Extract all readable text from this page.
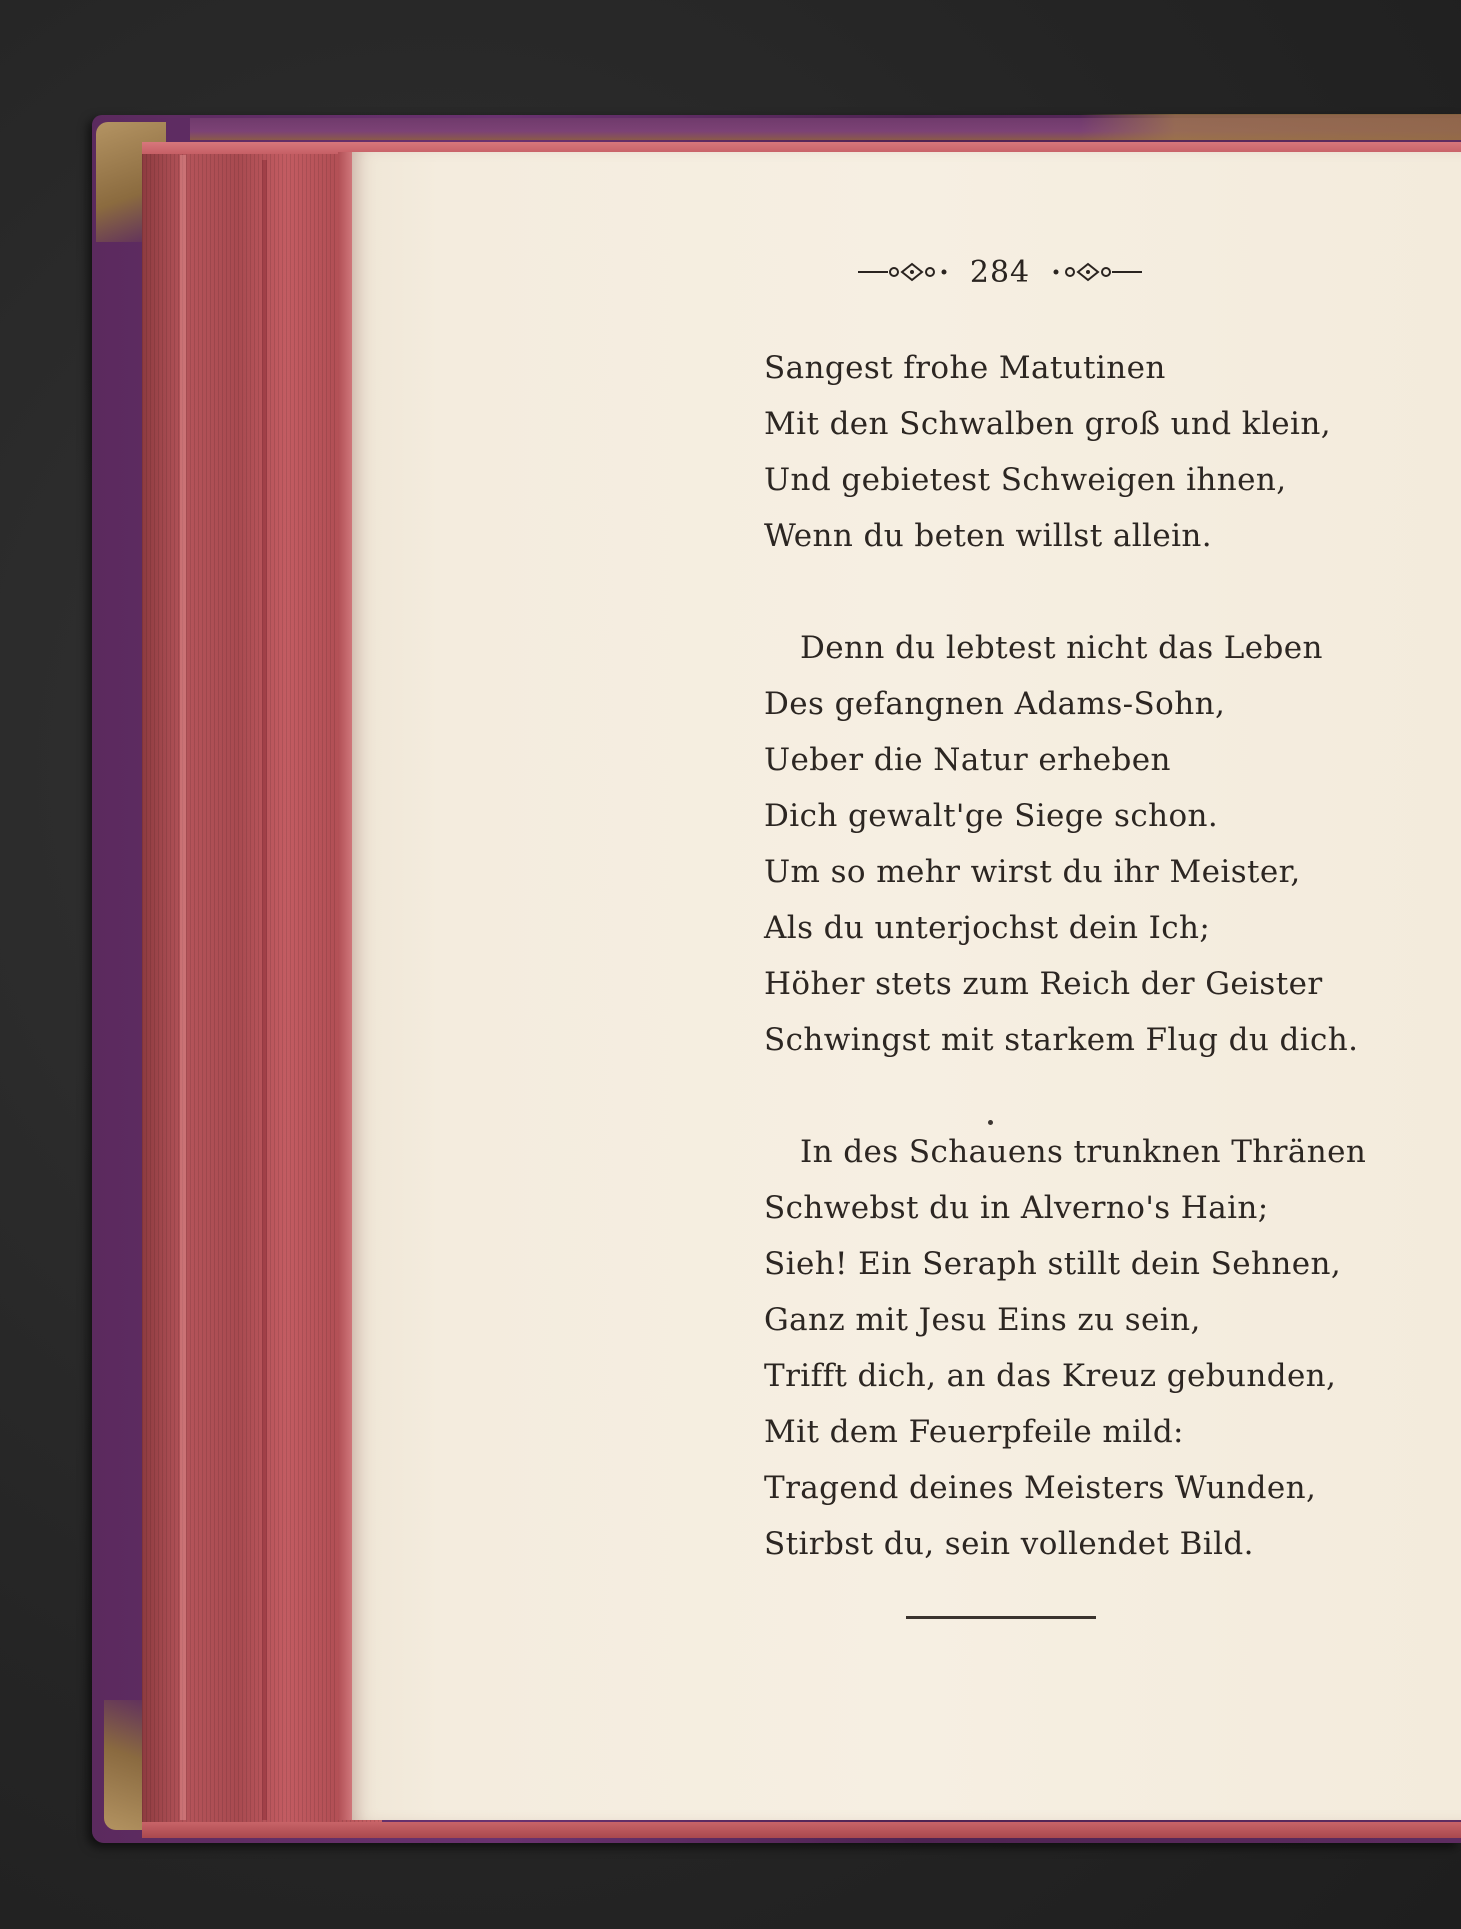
284
Sangest frohe Matutinen
Mit den Schwalben groß und klein,
Und gebietest Schweigen ihnen,
Wenn du beten willst allein.
Denn du lebtest nicht das Leben
Des gefangnen Adams-Sohn,
Ueber die Natur erheben
Dich gewalt'ge Siege schon.
Um so mehr wirst du ihr Meister,
Als du unterjochst dein Ich;
Höher stets zum Reich der Geister
Schwingst mit starkem Flug du dich.
In des Schauens trunknen Thränen
Schwebst du in Alverno's Hain;
Sieh! Ein Seraph stillt dein Sehnen,
Ganz mit Jesu Eins zu sein,
Trifft dich, an das Kreuz gebunden,
Mit dem Feuerpfeile mild:
Tragend deines Meisters Wunden,
Stirbst du, sein vollendet Bild.
